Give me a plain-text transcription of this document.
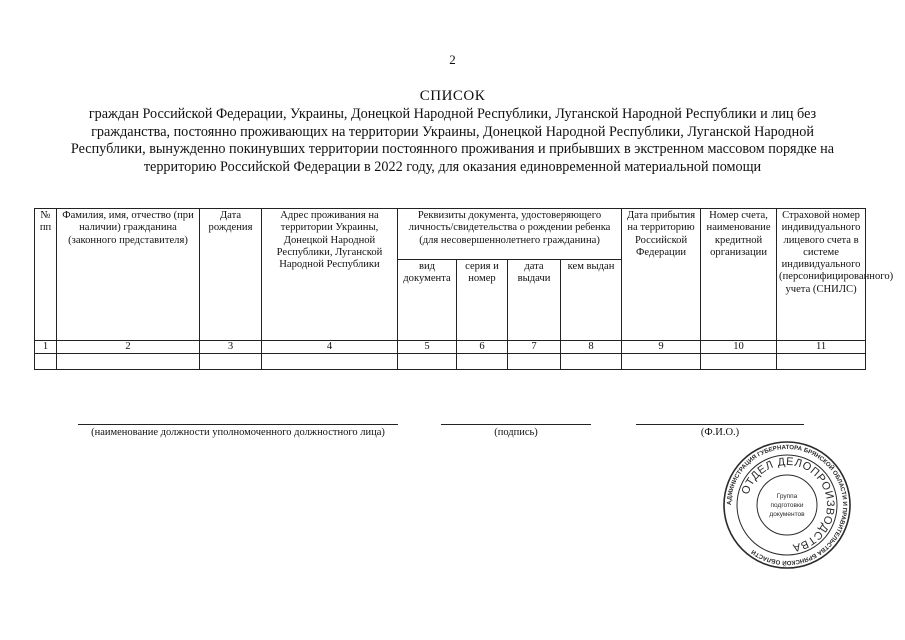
2
СПИСОК
граждан Российской Федерации, Украины, Донецкой Народной Республики, Луганской Народной Республики и лиц без гражданства, постоянно проживающих на территории Украины, Донецкой Народной Республики, Луганской Народной Республики, вынужденно покинувших территории постоянного проживания и прибывших в экстренном массовом порядке на территорию Российской Федерации в 2022 году, для оказания единовременной материальной помощи
№ пп	Фамилия, имя, отчество (при наличии) гражданина (законного представителя)	Дата рождения	Адрес проживания на территории Украины, Донецкой Народной Республики, Луганской Народной Республики	Реквизиты документа, удостоверяющего личность/свидетельства о рождении ребенка (для несовершеннолетнего гражданина)				Дата прибытия на территорию Российской Федерации	Номер счета, наименование кредитной организации	Страховой номер индивидуального лицевого счета в системе индивидуального (персонифицированного) учета (СНИЛС)
				вид документа	серия и номер	дата выдачи	кем выдан			
1	2	3	4	5	6	7	8	9	10	11

(наименование должности уполномоченного должностного лица)	(подпись)	(Ф.И.О.)
АДМИНИСТРАЦИЯ ГУБЕРНАТОРА БРЯНСКОЙ ОБЛАСТИ И ПРАВИТЕЛЬСТВА БРЯНСКОЙ ОБЛАСТИ
ОТДЕЛ ДЕЛОПРОИЗВОДСТВА
Группа
подготовки
документов
